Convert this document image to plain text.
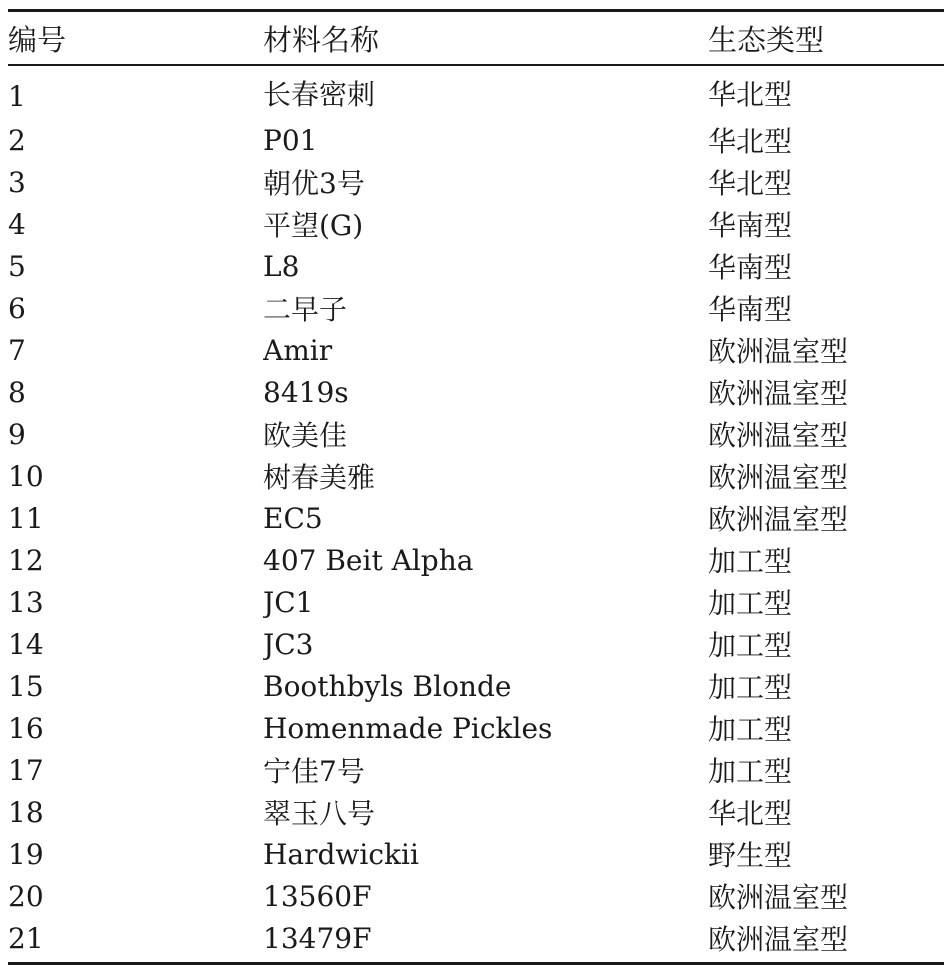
编号	材料名称	生态类型
1	长春密刺	华北型
2	P01	华北型
3	朝优3号	华北型
4	平望(G)	华南型
5	L8	华南型
6	二早子	华南型
7	Amir	欧洲温室型
8	8419s	欧洲温室型
9	欧美佳	欧洲温室型
10	树春美雅	欧洲温室型
11	EC5	欧洲温室型
12	407 Beit Alpha	加工型
13	JC1	加工型
14	JC3	加工型
15	Boothbyls Blonde	加工型
16	Homenmade Pickles	加工型
17	宁佳7号	加工型
18	翠玉八号	华北型
19	Hardwickii	野生型
20	13560F	欧洲温室型
21	13479F	欧洲温室型
